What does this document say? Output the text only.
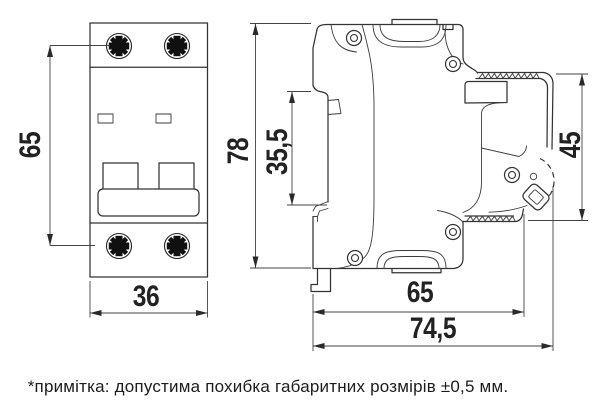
65
36
78 35,5	45
65
74,5
*примітка: допустима похибка габаритних розмірів ±0,5 мм.
